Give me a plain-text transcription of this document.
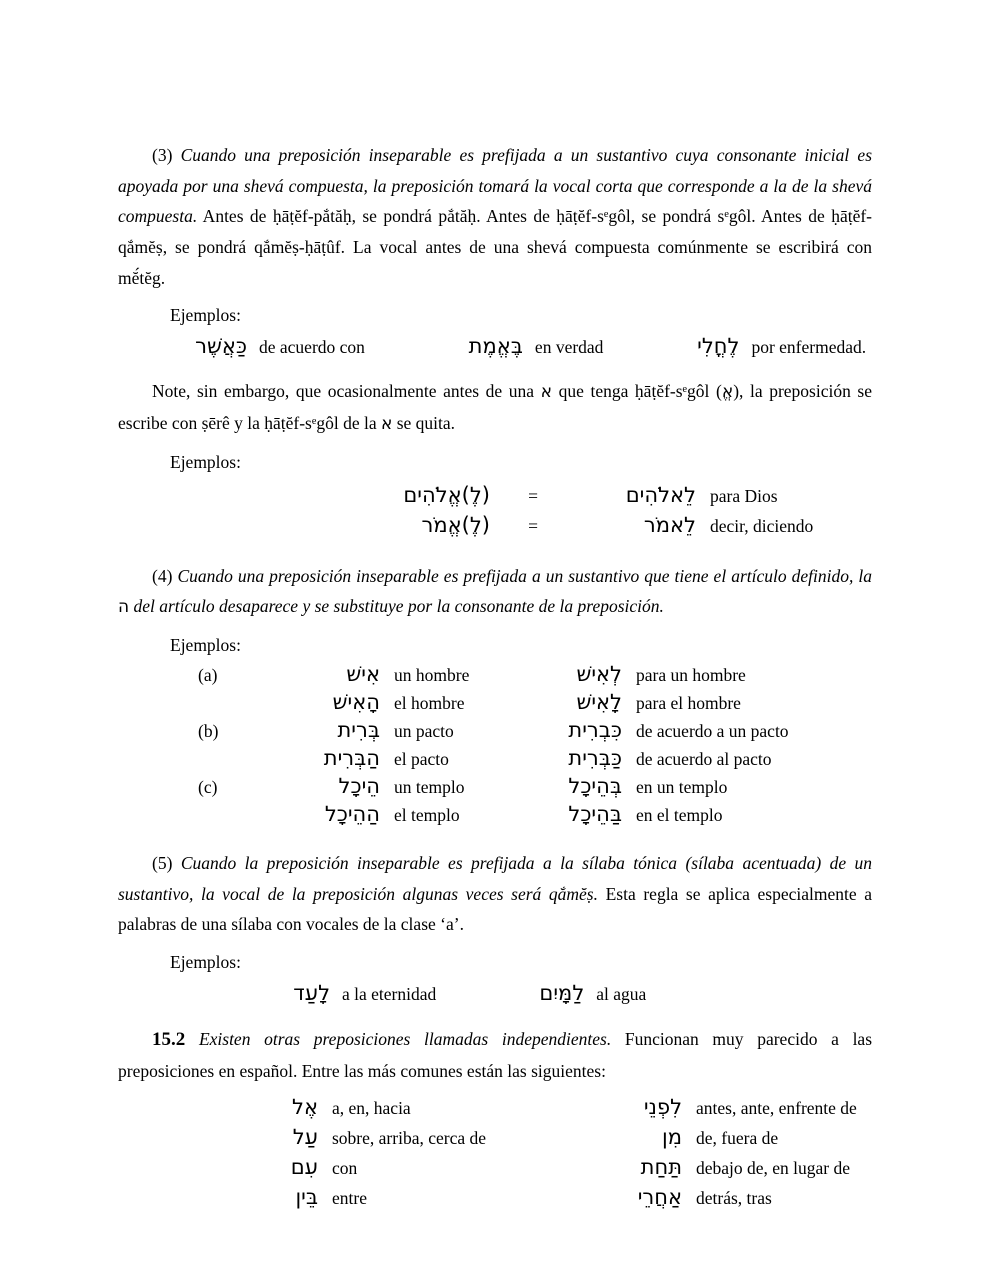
(3) Cuando una preposición inseparable es prefijada a un sustantivo cuya consonante inicial es apoyada por una shevá compuesta, la preposición tomará la vocal corta que corresponde a la de la shevá compuesta. Antes de ḥāṭĕf-pắtăḥ, se pondrá pắtăḥ. Antes de ḥāṭĕf-sᵉgôl, se pondrá sᵉgôl. Antes de ḥāṭĕf-qắmĕṣ, se pondrá qắmĕṣ-ḥāṭûf. La vocal antes de una shevá compuesta comúnmente se escribirá con mĕ́tĕg.

Ejemplos:
כַּאֲשֶׁר de acuerdo con	בֶּאֱמֶת en verdad	לֶחֳלִי por enfermedad.

Note, sin embargo, que ocasionalmente antes de una א que tenga ḥāṭĕf-sᵉgôl (אֱ), la preposición se escribe con ṣērê y la ḥāṭĕf-sᵉgôl de la א se quita.

Ejemplos:
(לֶ)אֱלֹהִים	=	לֵאלֹהִים para Dios
(לֶ)אֱמֹר	=	לֵאמֹר decir, diciendo

(4) Cuando una preposición inseparable es prefijada a un sustantivo que tiene el artículo definido, la ה del artículo desaparece y se substituye por la consonante de la preposición.

Ejemplos:
(a)	אִישׁ un hombre	לְאִישׁ para un hombre
הָאִישׁ el hombre	לָאִישׁ para el hombre
(b)	בְּרִית un pacto	כִּבְרִית de acuerdo a un pacto
הַבְּרִית el pacto	כַּבְּרִית de acuerdo al pacto
(c)	הֵיכָל un templo	בְּהֵיכָל en un templo
הַהֵיכָל el templo	בַּהֵיכָל en el templo

(5) Cuando la preposición inseparable es prefijada a la sílaba tónica (sílaba acentuada) de un sustantivo, la vocal de la preposición algunas veces será qắmĕṣ. Esta regla se aplica especialmente a palabras de una sílaba con vocales de la clase ‘a’.

Ejemplos:
לָעַד a la eternidad	לַמָּיִם al agua

15.2 Existen otras preposiciones llamadas independientes. Funcionan muy parecido a las preposiciones en español. Entre las más comunes están las siguientes:

אֶל a, en, hacia	לִפְנֵי antes, ante, enfrente de
עַל sobre, arriba, cerca de	מִן de, fuera de
עִם con	תַּחַת debajo de, en lugar de
בֵּין entre	אַחֲרֵי detrás, tras
